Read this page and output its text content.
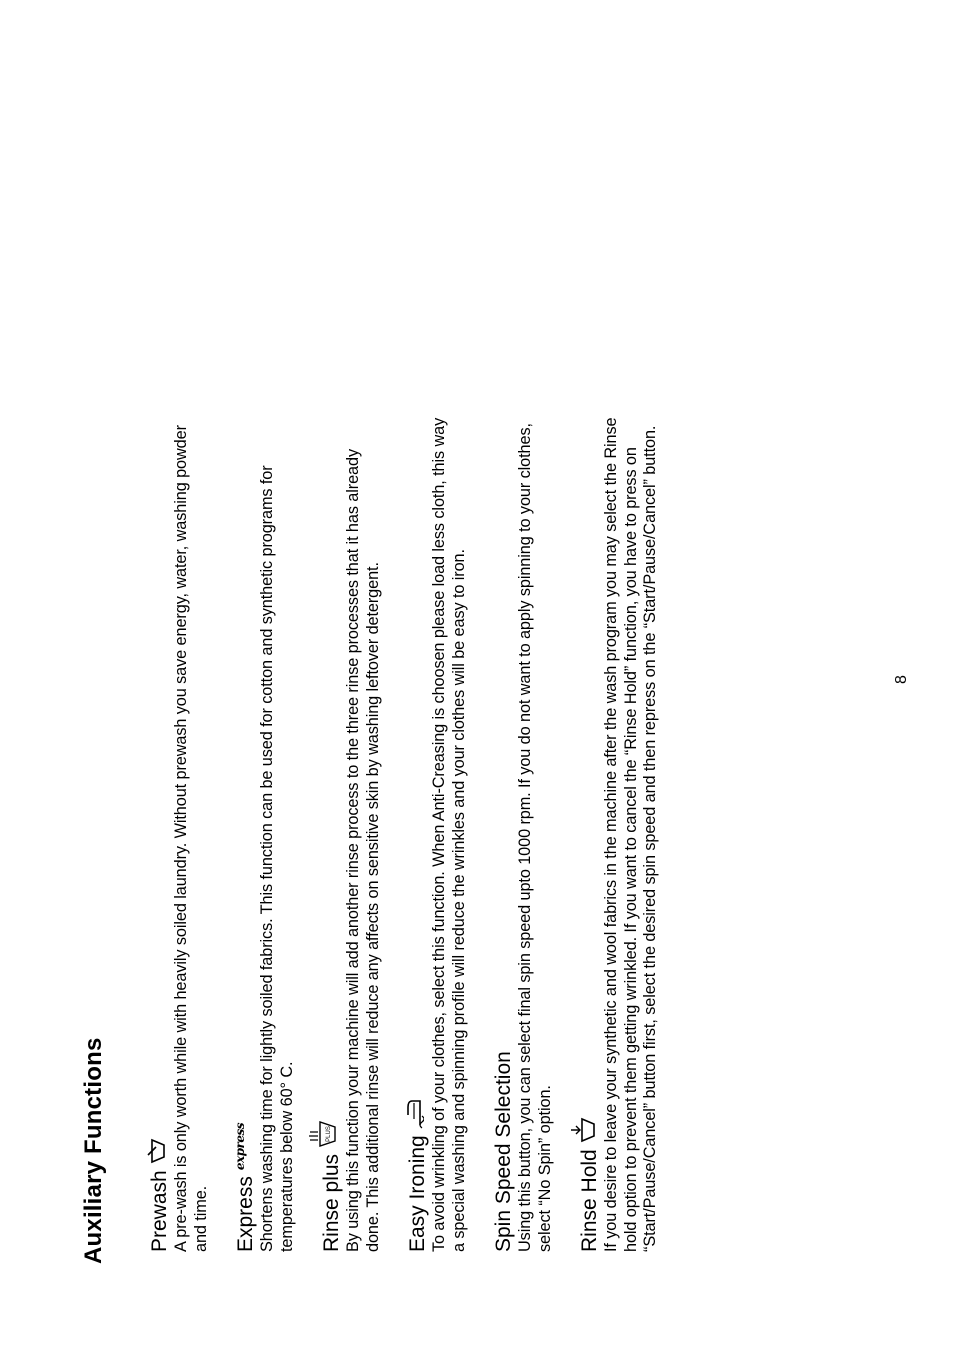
Auxiliary Functions Prewash A pre-wash is only worth while with heavily soiled laundry. Without prewash you save energy, water, washing powder
and time. Express
express

Shortens washing time for lightly soiled fabrics. This function can be used for cotton and synthetic programs for
temperatures below 60° C.

Rinse plus
PLUS

By using this function your machine will add another rinse process to the three rinse processes that it has already
done. This additional rinse will reduce any affects on sensitive skin by washing leftover detergent.

Easy Ironing To avoid wrinkling of your clothes, select this function. When Anti-Creasing is choosen please load less cloth, this way
a special washing and spinning profile will reduce the wrinkles and your clothes will be easy to iron.

Spin Speed Selection Using this button, you can select final spin speed upto 1000 rpm. If you do not want to apply spinning to your clothes,
select “No Spin” option.

Rinse Hold If you desire to leave your synthetic and wool fabrics in the machine after the wash program you may select the Rinse
hold option to prevent them getting wrinkled. If you want to cancel the “Rinse Hold” function, you have to press on
“Start/Pause/Cancel” button first, select the desired spin speed and then repress on the “Start/Pause/Cancel” button.

8
